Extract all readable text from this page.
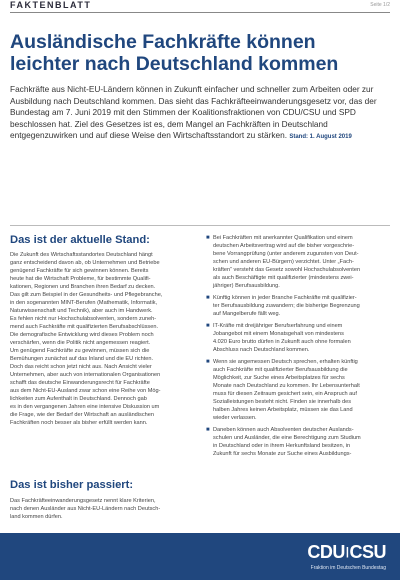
FAKTENBLATT	Seite 1/2
Ausländische Fachkräfte können
leichter nach Deutschland kommen
Fachkräfte aus Nicht-EU-Ländern können in Zukunft einfacher und schneller zum Arbeiten oder zur Ausbildung nach Deutschland kommen. Das sieht das Fachkräfteeinwanderungsgesetz vor, das der Bundestag am 7. Juni 2019 mit den Stimmen der Koalitionsfraktionen von CDU/CSU und SPD beschlossen hat. Ziel des Gesetzes ist es, dem Mangel an Fachkräften in Deutschland entgegenzuwirken und auf diese Weise den Wirtschaftsstandort zu stärken. Stand: 1. August 2019
Das ist der aktuelle Stand:
Die Zukunft des Wirtschaftsstandortes Deutschland hängt
ganz entscheidend davon ab, ob Unternehmen und Betriebe
genügend Fachkräfte für sich gewinnen können. Bereits
heute hat die Wirtschaft Probleme, für bestimmte Qualifi-
kationen, Regionen und Branchen ihren Bedarf zu decken.
Das gilt zum Beispiel in der Gesundheits- und Pflegebranche,
in den sogenannten MINT-Berufen (Mathematik, Informatik,
Naturwissenschaft und Technik), aber auch im Handwerk.
Es fehlen nicht nur Hochschulabsolventen, sondern zuneh-
mend auch Fachkräfte mit qualifizierten Berufsabschlüssen.
Die demografische Entwicklung wird dieses Problem noch
verschärfen, wenn die Politik nicht angemessen reagiert.
Um genügend Fachkräfte zu gewinnen, müssen sich die
Bemühungen zunächst auf das Inland und die EU richten.
Doch das reicht schon jetzt nicht aus. Nach Ansicht vieler
Unternehmen, aber auch von internationalen Organisationen
schafft das deutsche Einwanderungsrecht für Fachkräfte
aus dem Nicht-EU-Ausland zwar schon eine Reihe von Mög-
lichkeiten zum Aufenthalt in Deutschland. Dennoch gab
es in den vergangenen Jahren eine intensive Diskussion um
die Frage, wie der Bedarf der Wirtschaft an ausländischen
Fachkräften noch besser als bisher erfüllt werden kann.
Das ist bisher passiert:
Das Fachkräfteeinwanderungsgesetz nennt klare Kriterien,
nach denen Ausländer aus Nicht-EU-Ländern nach Deutsch-
land kommen dürfen.
■ Bei Fachkräften mit anerkannter Qualifikation und einem
deutschen Arbeitsvertrag wird auf die bisher vorgeschrie-
bene Vorrangprüfung (unter anderem zugunsten von Deut-
schen und anderen EU-Bürgern) verzichtet. Unter „Fach-
kräften“ versteht das Gesetz sowohl Hochschulabsolventen
als auch Beschäftigte mit qualifizierter (mindestens zwei-
jähriger) Berufsausbildung.
■ Künftig können in jeder Branche Fachkräfte mit qualifizier-
ter Berufsausbildung zuwandern; die bisherige Begrenzung
auf Mangelberufe fällt weg.
■ IT-Kräfte mit dreijähriger Berufserfahrung und einem
Jobangebot mit einem Monatsgehalt von mindestens
4.020 Euro brutto dürfen in Zukunft auch ohne formalen
Abschluss nach Deutschland kommen.
■ Wenn sie angemessen Deutsch sprechen, erhalten künftig
auch Fachkräfte mit qualifizierter Berufsausbildung die
Möglichkeit, zur Suche eines Arbeitsplatzes für sechs
Monate nach Deutschland zu kommen. Ihr Lebensunterhalt
muss für diesen Zeitraum gesichert sein, ein Anspruch auf
Sozialleistungen besteht nicht. Finden sie innerhalb des
halben Jahres keinen Arbeitsplatz, müssen sie das Land
wieder verlassen.
■ Daneben können auch Absolventen deutscher Auslands-
schulen und Ausländer, die eine Berechtigung zum Studium
in Deutschland oder in ihrem Herkunftsland besitzen, in
Zukunft für sechs Monate zur Suche eines Ausbildungs-
CDU|CSU
Fraktion im Deutschen Bundestag
